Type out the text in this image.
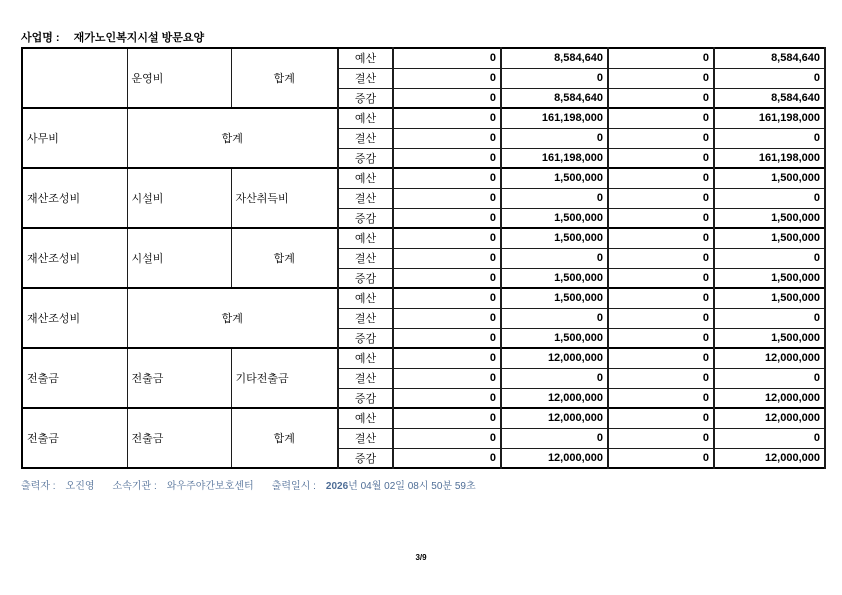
사업명 : 재가노인복지시설 방문요양
	운영비	합계	예산	0	8,584,640	0	8,584,640
			결산	0	0	0	0
			증감	0	8,584,640	0	8,584,640
사무비	합계		예산	0	161,198,000	0	161,198,000
			결산	0	0	0	0
			증감	0	161,198,000	0	161,198,000
재산조성비	시설비	자산취득비	예산	0	1,500,000	0	1,500,000
			결산	0	0	0	0
			증감	0	1,500,000	0	1,500,000
재산조성비	시설비	합계	예산	0	1,500,000	0	1,500,000
			결산	0	0	0	0
			증감	0	1,500,000	0	1,500,000
재산조성비	합계		예산	0	1,500,000	0	1,500,000
			결산	0	0	0	0
			증감	0	1,500,000	0	1,500,000
전출금	전출금	기타전출금	예산	0	12,000,000	0	12,000,000
			결산	0	0	0	0
			증감	0	12,000,000	0	12,000,000
전출금	전출금	합계	예산	0	12,000,000	0	12,000,000
			결산	0	0	0	0
			증감	0	12,000,000	0	12,000,000
출력자 : 오진영 소속기관 : 와우주야간보호센터 출력일시 : 2026년 04월 02일 08시 50분 59초
3/9
